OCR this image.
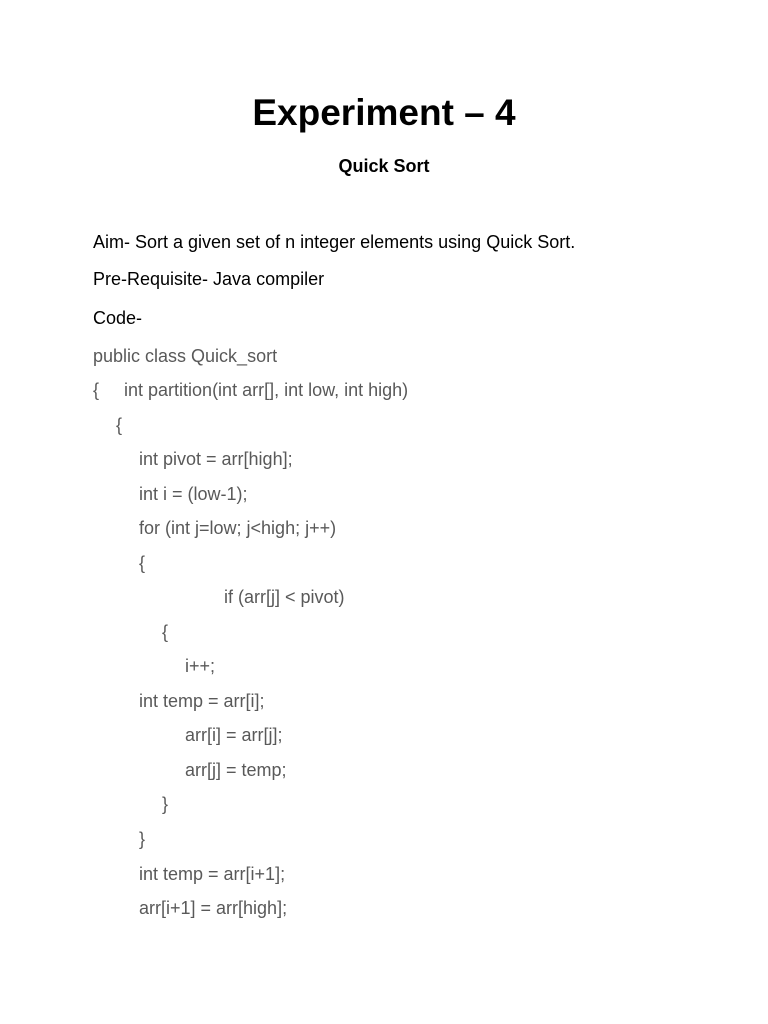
Experiment – 4
Quick Sort

Aim- Sort a given set of n integer elements using Quick Sort.

Pre-Requisite- Java compiler

Code-

public class Quick_sort
{     int partition(int arr[], int low, int high)
{
int pivot = arr[high];
int i = (low-1);
for (int j=low; j<high; j++)
{
if (arr[j] < pivot)
{
i++;
int temp = arr[i];
arr[i] = arr[j];
arr[j] = temp;
}
}
int temp = arr[i+1];
arr[i+1] = arr[high];
